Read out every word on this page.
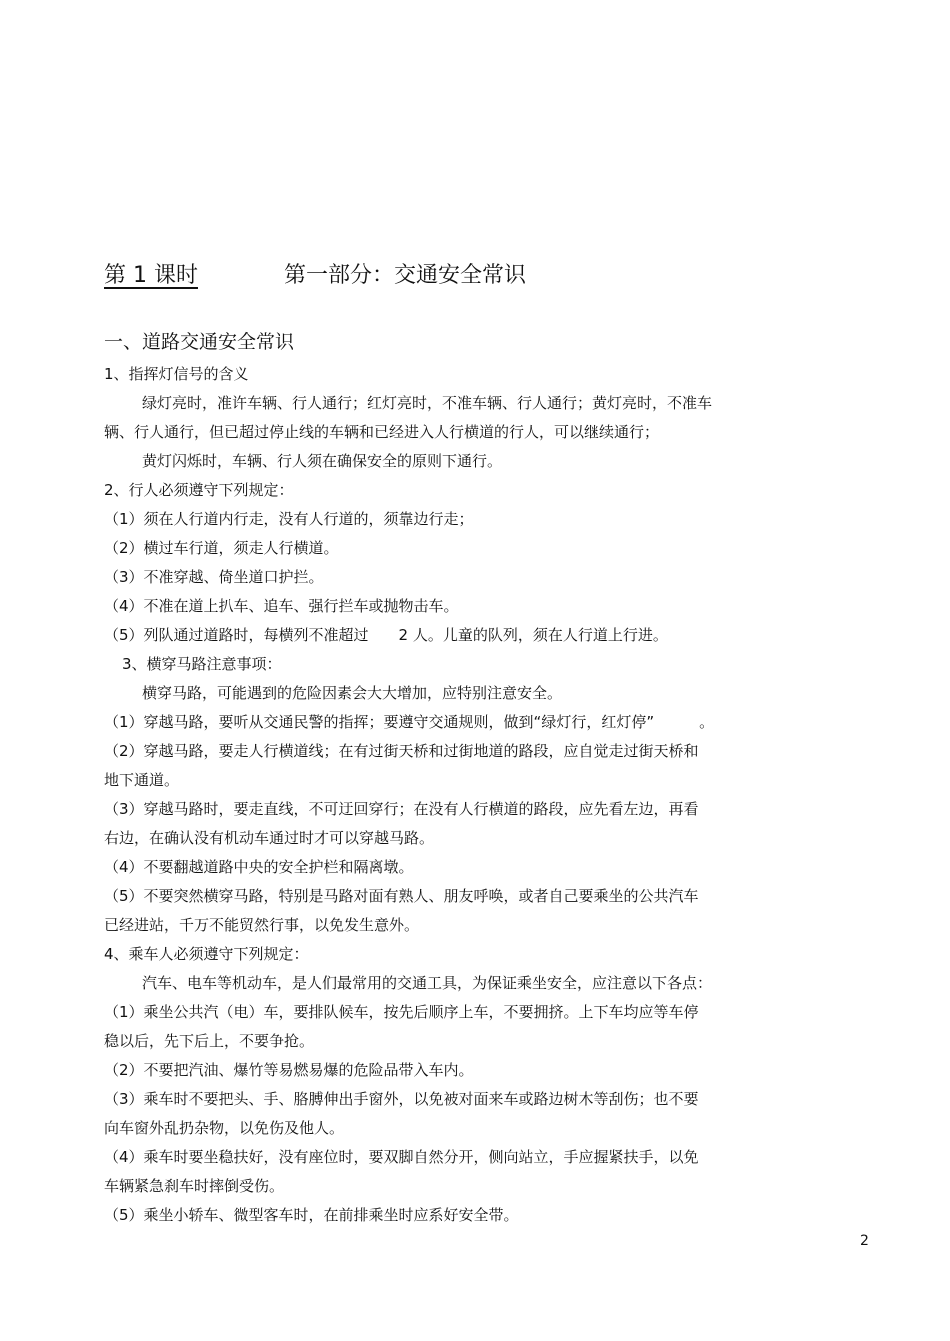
第 1 课时	第一部分：交通安全常识
一、道路交通安全常识
1、指挥灯信号的含义
绿灯亮时，准许车辆、行人通行；红灯亮时，不准车辆、行人通行；黄灯亮时，不准车
辆、行人通行，但已超过停止线的车辆和已经进入人行横道的行人，可以继续通行；
黄灯闪烁时，车辆、行人须在确保安全的原则下通行。
2、行人必须遵守下列规定：
（1）须在人行道内行走，没有人行道的，须靠边行走；
（2）横过车行道，须走人行横道。
（3）不准穿越、倚坐道口护拦。
（4）不准在道上扒车、追车、强行拦车或抛物击车。
（5）列队通过道路时，每横列不准超过　　2 人。儿童的队列，须在人行道上行进。
3、横穿马路注意事项：
横穿马路，可能遇到的危险因素会大大增加，应特别注意安全。
（1）穿越马路，要听从交通民警的指挥；要遵守交通规则，做到“绿灯行，红灯停”　　　。
（2）穿越马路，要走人行横道线；在有过街天桥和过街地道的路段，应自觉走过街天桥和
地下通道。
（3）穿越马路时，要走直线，不可迂回穿行；在没有人行横道的路段，应先看左边，再看
右边，在确认没有机动车通过时才可以穿越马路。
（4）不要翻越道路中央的安全护栏和隔离墩。
（5）不要突然横穿马路，特别是马路对面有熟人、朋友呼唤，或者自己要乘坐的公共汽车
已经进站，千万不能贸然行事，以免发生意外。
4、乘车人必须遵守下列规定：
汽车、电车等机动车，是人们最常用的交通工具，为保证乘坐安全，应注意以下各点：
（1）乘坐公共汽（电）车，要排队候车，按先后顺序上车，不要拥挤。上下车均应等车停
稳以后，先下后上，不要争抢。
（2）不要把汽油、爆竹等易燃易爆的危险品带入车内。
（3）乘车时不要把头、手、胳膊伸出手窗外，以免被对面来车或路边树木等刮伤；也不要
向车窗外乱扔杂物，以免伤及他人。
（4）乘车时要坐稳扶好，没有座位时，要双脚自然分开，侧向站立，手应握紧扶手，以免
车辆紧急刹车时摔倒受伤。
（5）乘坐小轿车、微型客车时，在前排乘坐时应系好安全带。
2
